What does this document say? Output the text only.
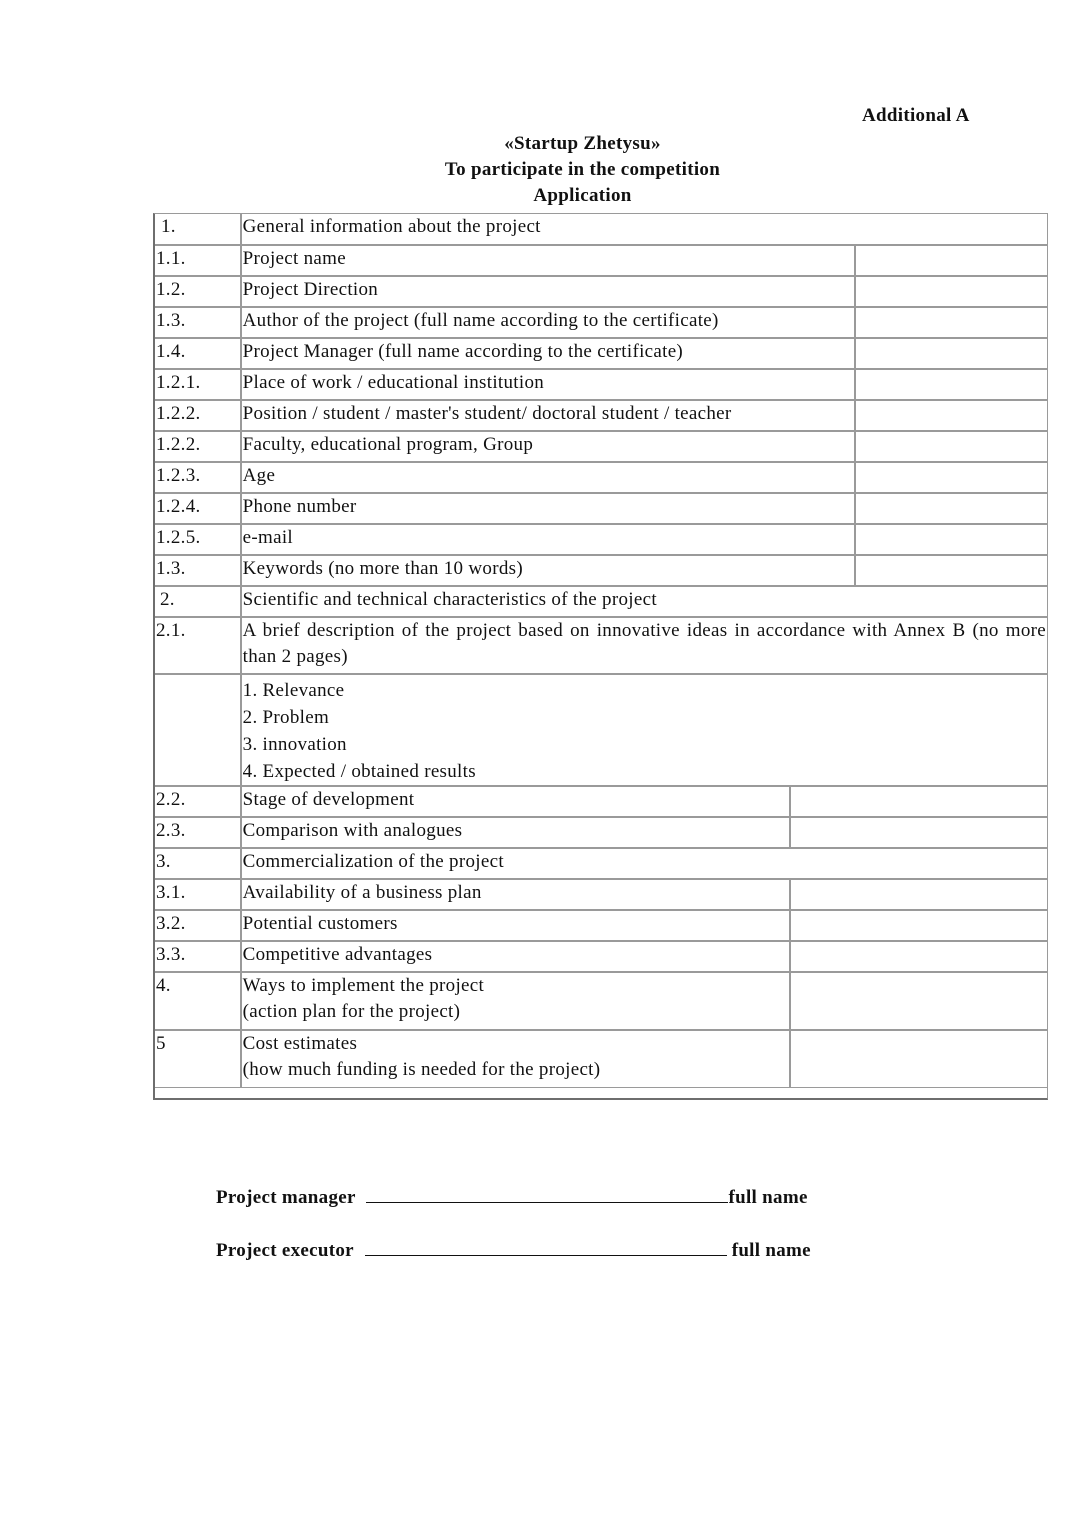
Additional A
«Startup Zhetysu»
To participate in the competition
Application
1.	General information about the project		
1.1.	Project name		
1.2.	Project Direction		
1.3.	Author of the project (full name according to the certificate)		
1.4.	Project Manager (full name according to the certificate)		
1.2.1.	Place of work / educational institution		
1.2.2.	Position / student / master's student/ doctoral student / teacher		
1.2.2.	Faculty, educational program, Group		
1.2.3.	Age		
1.2.4.	Phone number		
1.2.5.	e-mail		
1.3.	Keywords (no more than 10 words)		
2.	Scientific and technical characteristics of the project		
2.1.	A brief description of the project based on innovative ideas in accordance with Annex B (no more than 2 pages)		

	1. Relevance
2. Problem
3. innovation
4. Expected / obtained results		

2.2.	Stage of development		
2.3.	Comparison with analogues		
3.	Commercialization of the project		
3.1.	Availability of a business plan		
3.2.	Potential customers		
3.3.	Competitive advantages		
4.	Ways to implement the project
(action plan for the project)		

5	Cost estimates
(how much funding is needed for the project)		

Project manager	full name
Project executor	full name
